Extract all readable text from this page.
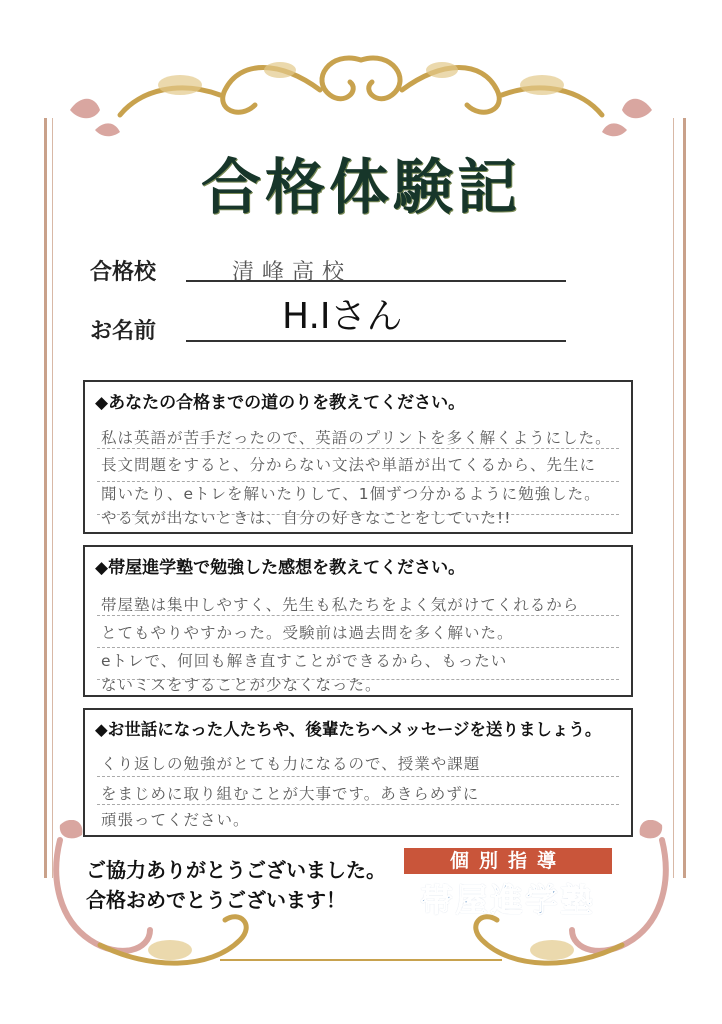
合格体験記
合格校	清峰高校
お名前	H.Iさん
◆あなたの合格までの道のりを教えてください。
私は英語が苦手だったので、英語のプリントを多く解くようにした。
長文問題をすると、分からない文法や単語が出てくるから、先生に
聞いたり、eトレを解いたりして、1個ずつ分かるように勉強した。
やる気が出ないときは、自分の好きなことをしていた!!
◆帯屋進学塾で勉強した感想を教えてください。
帯屋塾は集中しやすく、先生も私たちをよく気がけてくれるから
とてもやりやすかった。受験前は過去問を多く解いた。
eトレで、何回も解き直すことができるから、もったい
ないミスをすることが少なくなった。
◆お世話になった人たちや、後輩たちへメッセージを送りましょう。
くり返しの勉強がとても力になるので、授業や課題
をまじめに取り組むことが大事です。あきらめずに
頑張ってください。
ご協力ありがとうございました。
合格おめでとうございます！
個別指導
帯屋進学塾
